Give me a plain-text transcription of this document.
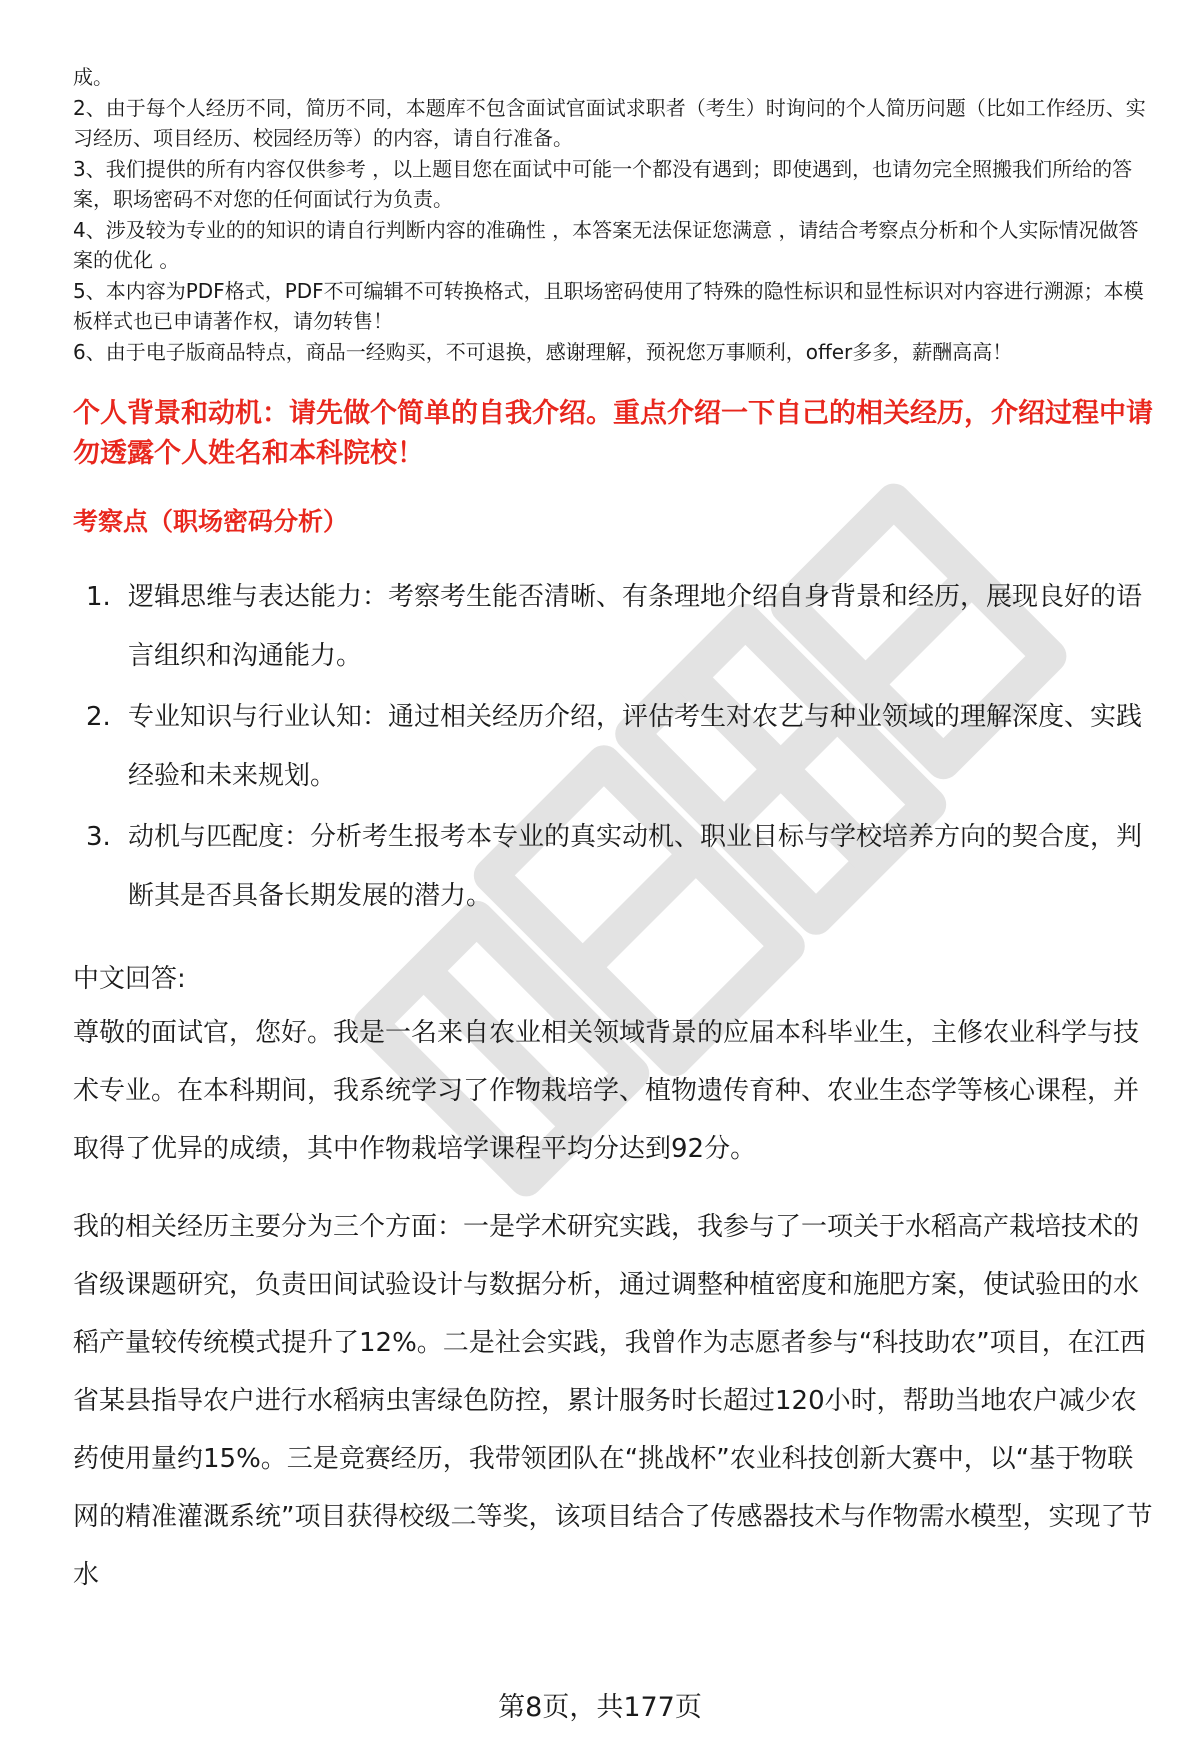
成。

2、由于每个人经历不同，简历不同，本题库不包含面试官面试求职者（考生）时询问的个人简历问题（比如工作经历、实习经历、项目经历、校园经历等）的内容，请自行准备。

3、我们提供的所有内容仅供参考 ，以上题目您在面试中可能一个都没有遇到；即使遇到，也请勿完全照搬我们所给的答案，职场密码不对您的任何面试行为负责。

4、涉及较为专业的的知识的请自行判断内容的准确性 ，本答案无法保证您满意 ，请结合考察点分析和个人实际情况做答案的优化 。

5、本内容为PDF格式，PDF不可编辑不可转换格式，且职场密码使用了特殊的隐性标识和显性标识对内容进行溯源；本模板样式也已申请著作权，请勿转售！

6、由于电子版商品特点，商品一经购买，不可退换，感谢理解，预祝您万事顺利，offer多多，薪酬高高！

个人背景和动机：请先做个简单的自我介绍。重点介绍一下自己的相关经历，介绍过程中请勿透露个人姓名和本科院校！
考察点（职场密码分析）
1. 逻辑思维与表达能力：考察考生能否清晰、有条理地介绍自身背景和经历，展现良好的语言组织和沟通能力。
2. 专业知识与行业认知：通过相关经历介绍，评估考生对农艺与种业领域的理解深度、实践经验和未来规划。
3. 动机与匹配度：分析考生报考本专业的真实动机、职业目标与学校培养方向的契合度，判断其是否具备长期发展的潜力。

中文回答:

尊敬的面试官，您好。我是一名来自农业相关领域背景的应届本科毕业生，主修农业科学与技术专业。在本科期间，我系统学习了作物栽培学、植物遗传育种、农业生态学等核心课程，并取得了优异的成绩，其中作物栽培学课程平均分达到92分。

我的相关经历主要分为三个方面：一是学术研究实践，我参与了一项关于水稻高产栽培技术的省级课题研究，负责田间试验设计与数据分析，通过调整种植密度和施肥方案，使试验田的水稻产量较传统模式提升了12%。二是社会实践，我曾作为志愿者参与“科技助农”项目，在江西省某县指导农户进行水稻病虫害绿色防控，累计服务时长超过120小时，帮助当地农户减少农药使用量约15%。三是竞赛经历，我带领团队在“挑战杯”农业科技创新大赛中，以“基于物联网的精准灌溉系统”项目获得校级二等奖，该项目结合了传感器技术与作物需水模型，实现了节水

第8页，共177页
